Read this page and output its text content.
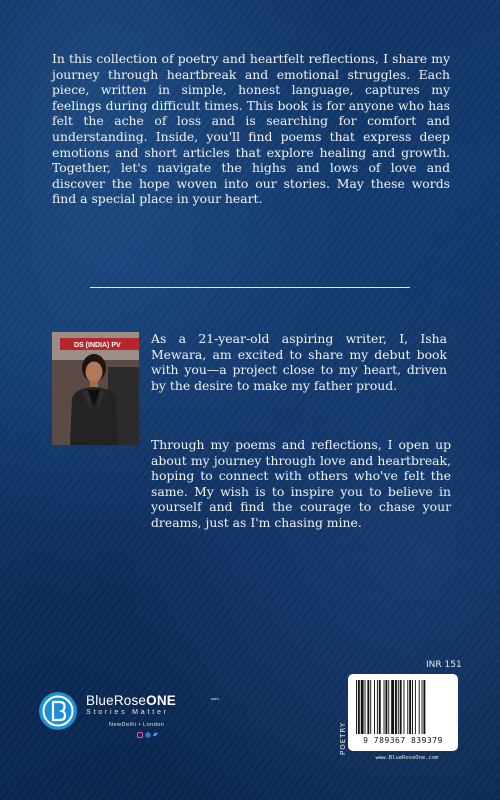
In this collection of poetry and heartfelt reflections, I share my journey through heartbreak and emotional struggles. Each piece, written in simple, honest language, captures my feelings during difficult times. This book is for anyone who has felt the ache of loss and is searching for comfort and understanding. Inside, you'll find poems that express deep emotions and short articles that explore healing and growth. Together, let's navigate the highs and lows of love and discover the hope woven into our stories. May these words find a special place in your heart.
DS (INDIA) PV As a 21-year-old aspiring writer, I, Isha Mewara, am excited to share my debut book with you—a project close to my heart, driven by the desire to make my father proud.
Through my poems and reflections, I open up about my journey through love and heartbreak, hoping to connect with others who've felt the same. My wish is to inspire you to believe in yourself and find the courage to chase your dreams, just as I'm chasing mine.
BlueRoseONE	.com
Stories Matter
NewDelhi • London
INR 151
POETRY	9 789367 839379
www.BlueRoseOne.com
